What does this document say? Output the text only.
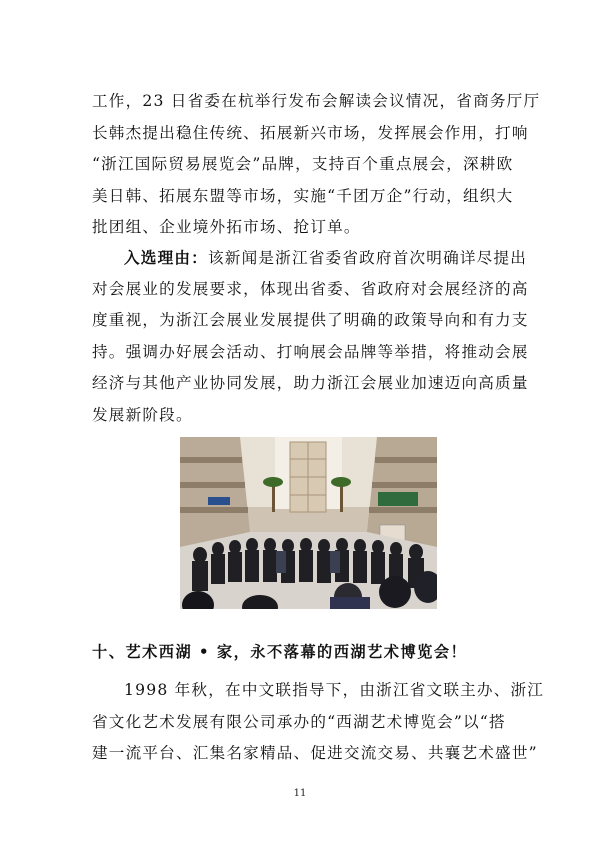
工作，23 日省委在杭举行发布会解读会议情况，省商务厅厅
长韩杰提出稳住传统、拓展新兴市场，发挥展会作用，打响
“浙江国际贸易展览会”品牌，支持百个重点展会，深耕欧
美日韩、拓展东盟等市场，实施“千团万企”行动，组织大
批团组、企业境外拓市场、抢订单。
入选理由：该新闻是浙江省委省政府首次明确详尽提出
对会展业的发展要求，体现出省委、省政府对会展经济的高
度重视，为浙江会展业发展提供了明确的政策导向和有力支
持。强调办好展会活动、打响展会品牌等举措，将推动会展
经济与其他产业协同发展，助力浙江会展业加速迈向高质量
发展新阶段。
十、艺术西湖 • 家，永不落幕的西湖艺术博览会！
1998 年秋，在中文联指导下，由浙江省文联主办、浙江
省文化艺术发展有限公司承办的“西湖艺术博览会”以“搭
建一流平台、汇集名家精品、促进交流交易、共襄艺术盛世”
11
